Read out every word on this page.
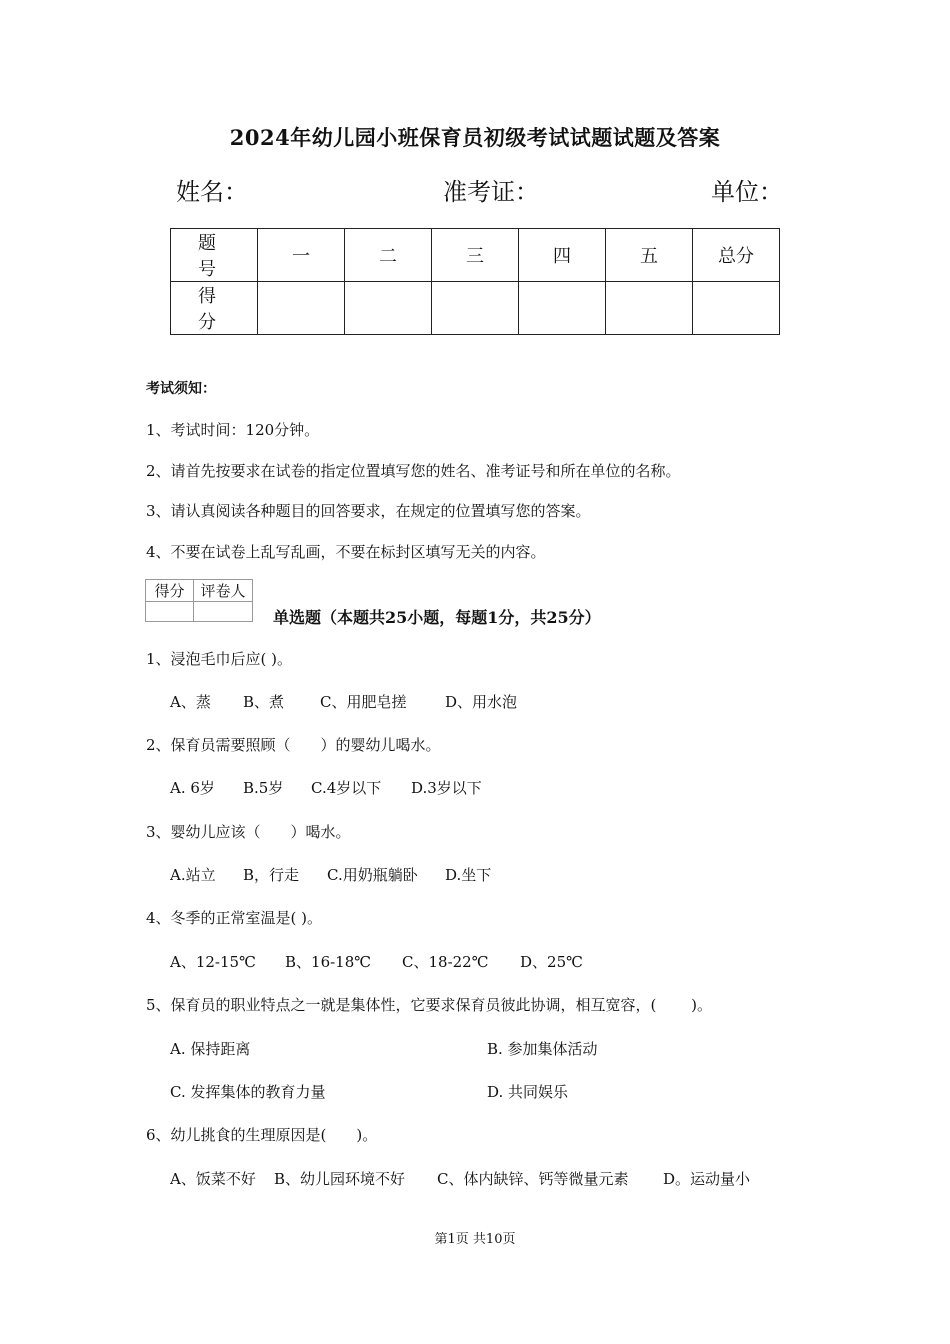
2024年幼儿园小班保育员初级考试试题试题及答案
姓名：	准考证：	单位：
题　号	一	二	三	四	五	总分
得　分						
考试须知：
1、考试时间：120分钟。
2、请首先按要求在试卷的指定位置填写您的姓名、准考证号和所在单位的名称。
3、请认真阅读各种题目的回答要求，在规定的位置填写您的答案。
4、不要在试卷上乱写乱画，不要在标封区填写无关的内容。
得分	评卷人

单选题（本题共25小题，每题1分，共25分）
1、浸泡毛巾后应( )。
A、蒸 B、煮 C、用肥皂搓	D、用水泡
2、保育员需要照顾（　　）的婴幼儿喝水。
A. 6岁 B.5岁 C.4岁以下 D.3岁以下
3、婴幼儿应该（　　）喝水。
A.站立 B，行走 C.用奶瓶躺卧 D.坐下
4、冬季的正常室温是( )。
A、12-15℃ B、16-18℃ C、18-22℃ D、25℃
5、保育员的职业特点之一就是集体性，它要求保育员彼此协调，相互宽容，(　　 )。
A. 保持距离	B. 参加集体活动
C. 发挥集体的教育力量	D. 共同娱乐
6、幼儿挑食的生理原因是(　　)。
A、饭菜不好 B、幼儿园环境不好 C、体内缺锌、钙等微量元素 D。运动量小
第1页 共10页
